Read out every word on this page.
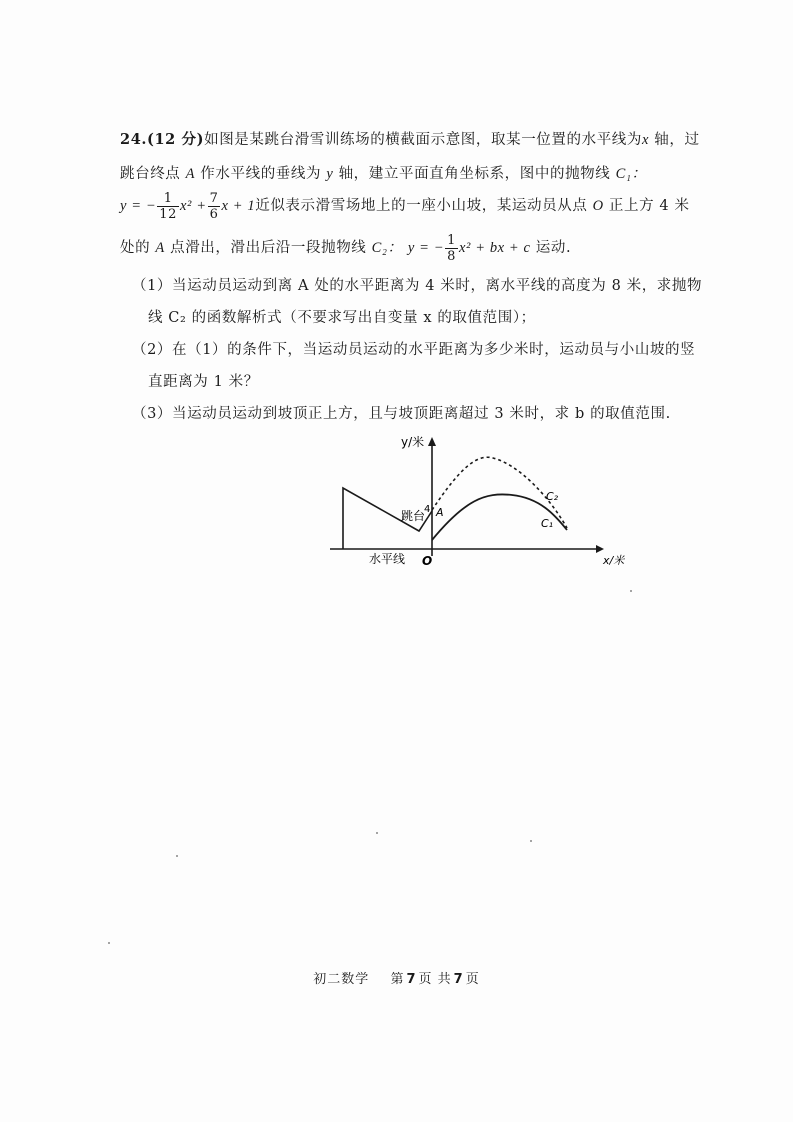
24.(12 分)如图是某跳台滑雪训练场的横截面示意图，取某一位置的水平线为x 轴，过
跳台终点 A 作水平线的垂线为 y 轴，建立平面直角坐标系，图中的抛物线 C₁：
y = − $\frac{1}{12} x^2 + \frac{7}{6}$ x + 1近似表示滑雪场地上的一座小山坡，某运动员从点 O 正上方 4 米
处的 A 点滑出，滑出后沿一段抛物线 C₂： y = − $\frac{1}{8} x^2$ + bx + c 运动.
（1）当运动员运动到离 A 处的水平距离为 4 米时，离水平线的高度为 8 米，求抛物
线 C₂ 的函数解析式（不要求写出自变量 x 的取值范围）；
（2）在（1）的条件下，当运动员运动的水平距离为多少米时，运动员与小山坡的竖
直距离为 1 米？
（3）当运动员运动到坡顶正上方，且与坡顶距离超过 3 米时，求 b 的取值范围.
y/米
x/米
O
4 A
跳台
水平线
C₂
C₁
初二数学 第 7 页 共 7 页
